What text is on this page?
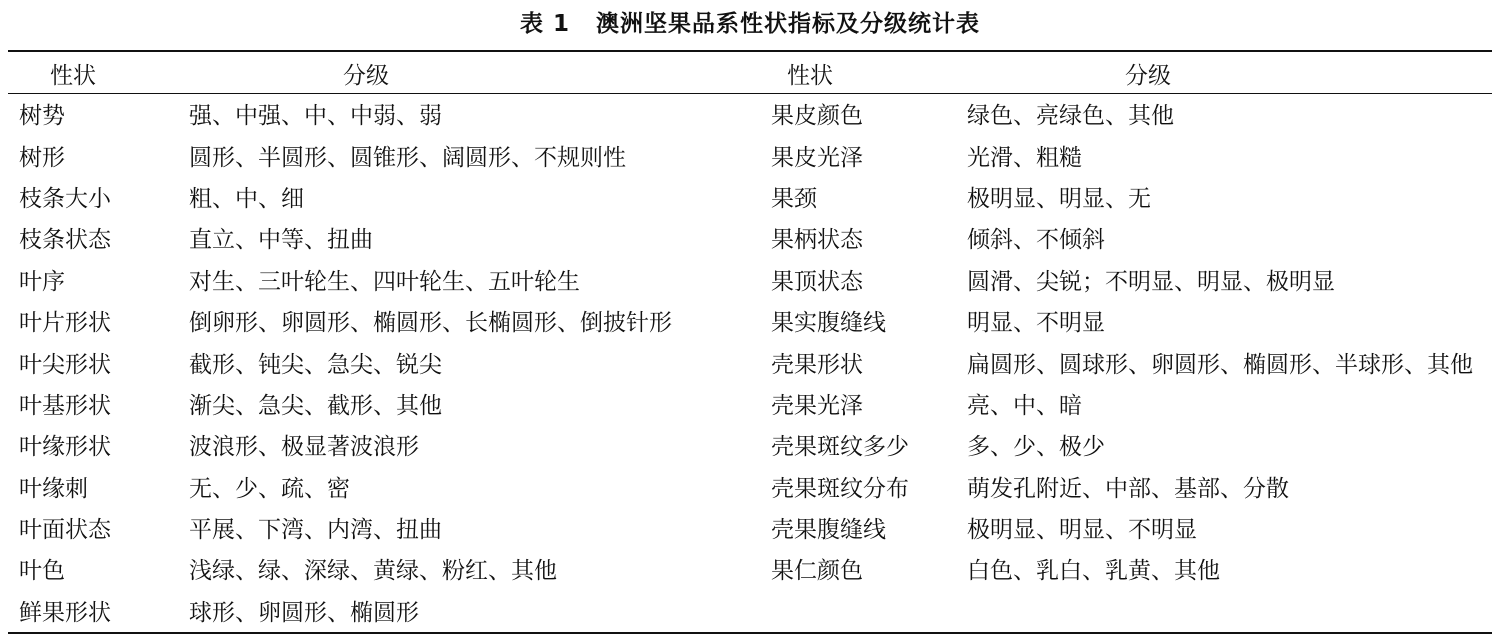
表 1 澳洲坚果品系性状指标及分级统计表
性状	分级	性状	分级
树势	强、中强、中、中弱、弱	果皮颜色	绿色、亮绿色、其他
树形	圆形、半圆形、圆锥形、阔圆形、不规则性	果皮光泽	光滑、粗糙
枝条大小	粗、中、细	果颈	极明显、明显、无
枝条状态	直立、中等、扭曲	果柄状态	倾斜、不倾斜
叶序	对生、三叶轮生、四叶轮生、五叶轮生	果顶状态	圆滑、尖锐；不明显、明显、极明显
叶片形状	倒卵形、卵圆形、椭圆形、长椭圆形、倒披针形	果实腹缝线	明显、不明显
叶尖形状	截形、钝尖、急尖、锐尖	壳果形状	扁圆形、圆球形、卵圆形、椭圆形、半球形、其他
叶基形状	渐尖、急尖、截形、其他	壳果光泽	亮、中、暗
叶缘形状	波浪形、极显著波浪形	壳果斑纹多少	多、少、极少
叶缘刺	无、少、疏、密	壳果斑纹分布	萌发孔附近、中部、基部、分散
叶面状态	平展、下湾、内湾、扭曲	壳果腹缝线	极明显、明显、不明显
叶色	浅绿、绿、深绿、黄绿、粉红、其他	果仁颜色	白色、乳白、乳黄、其他
鲜果形状	球形、卵圆形、椭圆形		
